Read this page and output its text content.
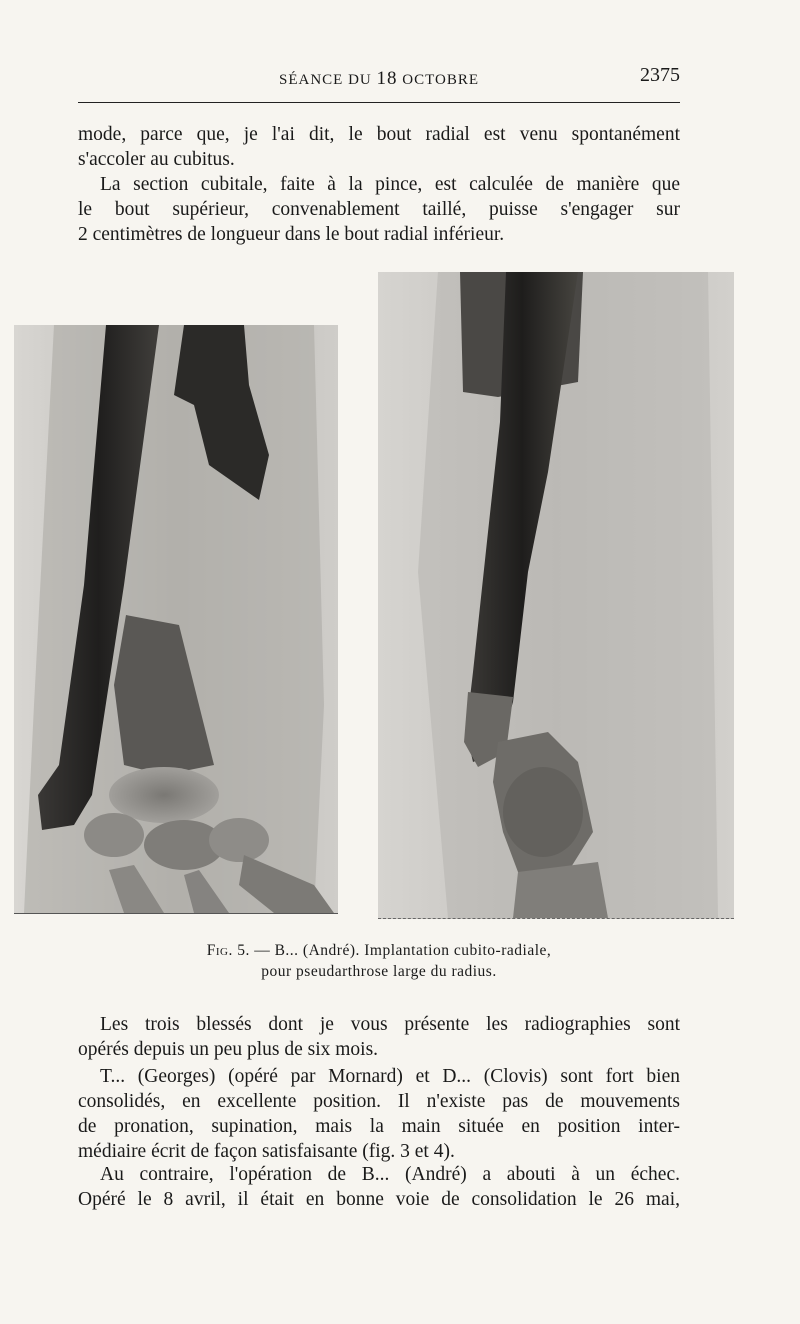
SÉANCE DU 18 OCTOBRE	2375

mode, parce que, je l'ai dit, le bout radial est venu spontanément
s'accoler au cubitus.

La section cubitale, faite à la pince, est calculée de manière que
le bout supérieur, convenablement taillé, puisse s'engager sur
2 centimètres de longueur dans le bout radial inférieur.

Fig. 5. — B... (André). Implantation cubito-radiale,
pour pseudarthrose large du radius.

Les trois blessés dont je vous présente les radiographies sont
opérés depuis un peu plus de six mois.

T... (Georges) (opéré par Mornard) et D... (Clovis) sont fort bien
consolidés, en excellente position. Il n'existe pas de mouvements
de pronation, supination, mais la main située en position inter-
médiaire écrit de façon satisfaisante (fig. 3 et 4).

Au contraire, l'opération de B... (André) a abouti à un échec.
Opéré le 8 avril, il était en bonne voie de consolidation le 26 mai,
